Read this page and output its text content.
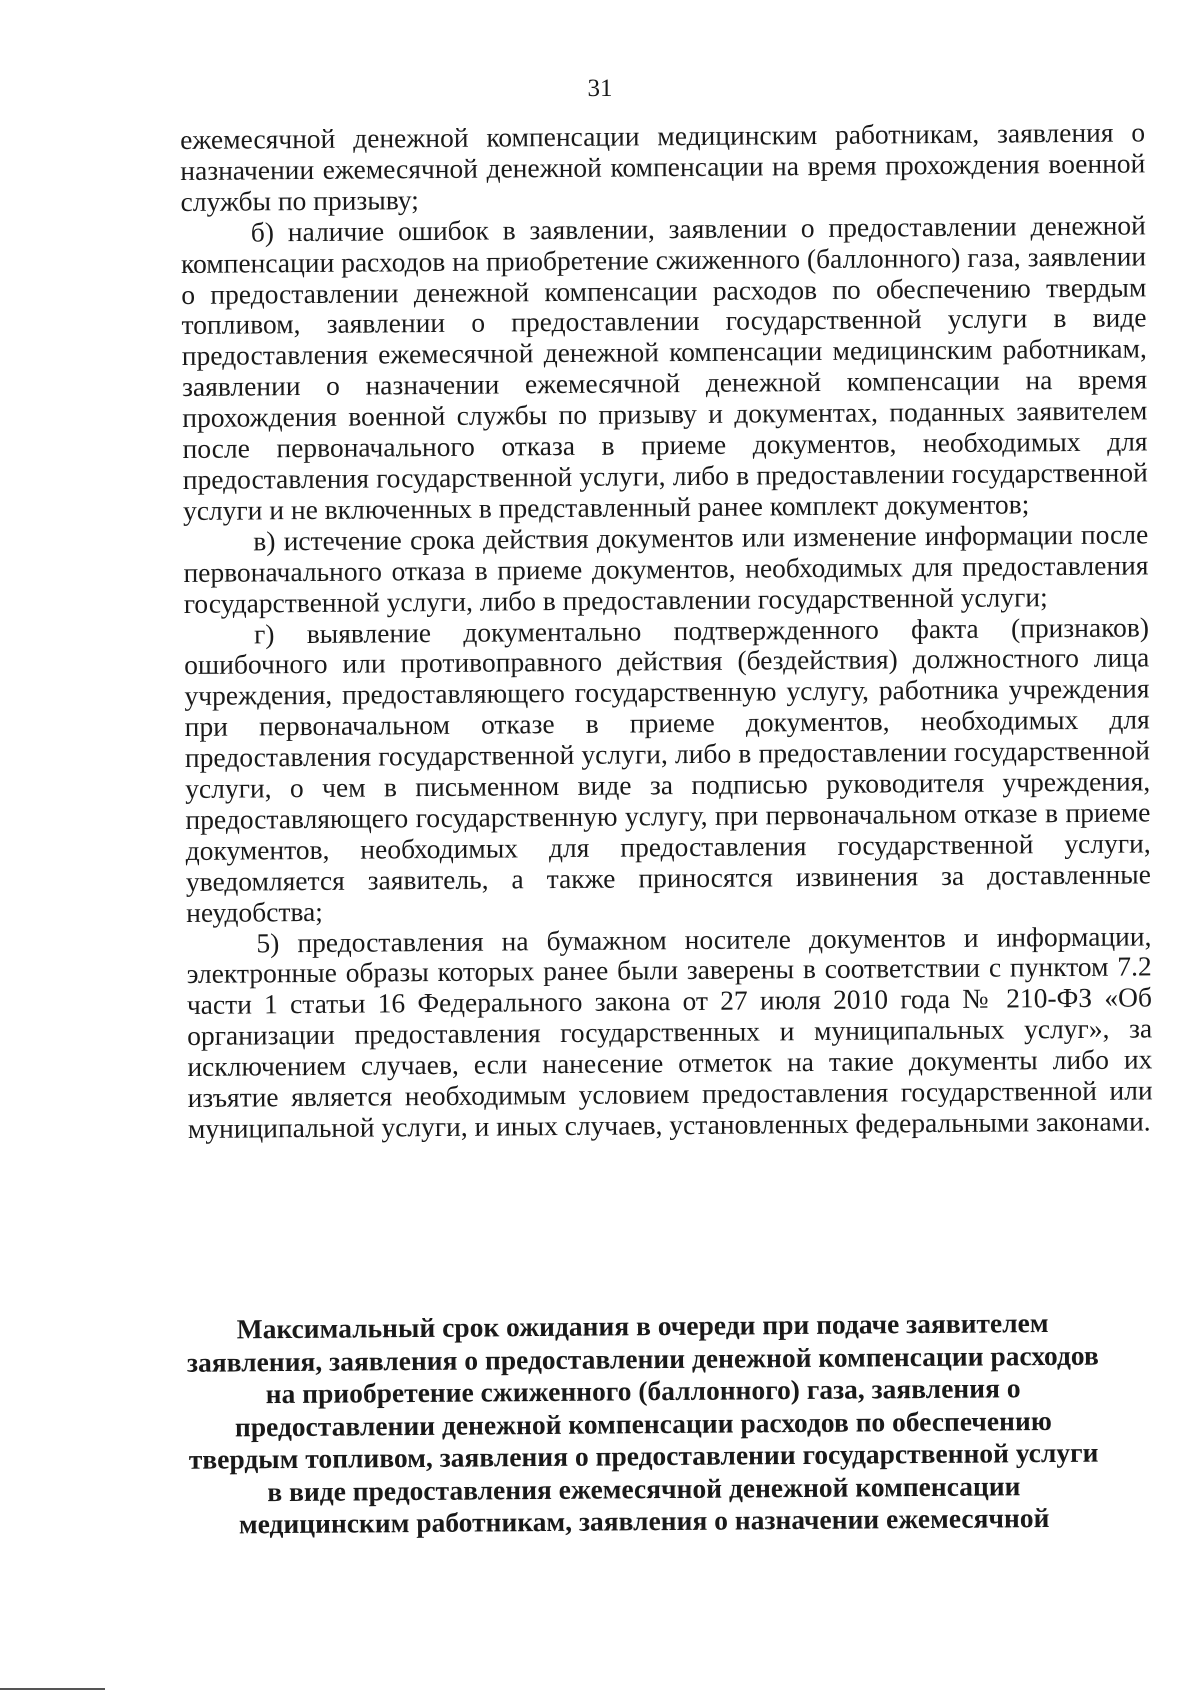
31

ежемесячной денежной компенсации медицинским работникам, заявления о назначении ежемесячной денежной компенсации на время прохождения военной службы по призыву;

б) наличие ошибок в заявлении, заявлении о предоставлении денежной компенсации расходов на приобретение сжиженного (баллонного) газа, заявлении о предоставлении денежной компенсации расходов по обеспечению твердым топливом, заявлении о предоставлении государственной услуги в виде предоставления ежемесячной денежной компенсации медицинским работникам, заявлении о назначении ежемесячной денежной компенсации на время прохождения военной службы по призыву и документах, поданных заявителем после первоначального отказа в приеме документов, необходимых для предоставления государственной услуги, либо в предоставлении государственной услуги и не включенных в представленный ранее комплект документов;

в) истечение срока действия документов или изменение информации после первоначального отказа в приеме документов, необходимых для предоставления государственной услуги, либо в предоставлении государственной услуги;

г) выявление документально подтвержденного факта (признаков) ошибочного или противоправного действия (бездействия) должностного лица учреждения, предоставляющего государственную услугу, работника учреждения при первоначальном отказе в приеме документов, необходимых для предоставления государственной услуги, либо в предоставлении государственной услуги, о чем в письменном виде за подписью руководителя учреждения, предоставляющего государственную услугу, при первоначальном отказе в приеме документов, необходимых для предоставления государственной услуги, уведомляется заявитель, а также приносятся извинения за доставленные неудобства;

5) предоставления на бумажном носителе документов и информации, электронные образы которых ранее были заверены в соответствии с пунктом 7.2 части 1 статьи 16 Федерального закона от 27 июля 2010 года № 210-ФЗ «Об организации предоставления государственных и муниципальных услуг», за исключением случаев, если нанесение отметок на такие документы либо их изъятие является необходимым условием предоставления государственной или муниципальной услуги, и иных случаев, установленных федеральными законами.

Максимальный срок ожидания в очереди при подаче заявителем

заявления, заявления о предоставлении денежной компенсации расходов

на приобретение сжиженного (баллонного) газа, заявления о

предоставлении денежной компенсации расходов по обеспечению

твердым топливом, заявления о предоставлении государственной услуги

в виде предоставления ежемесячной денежной компенсации

медицинским работникам, заявления о назначении ежемесячной
